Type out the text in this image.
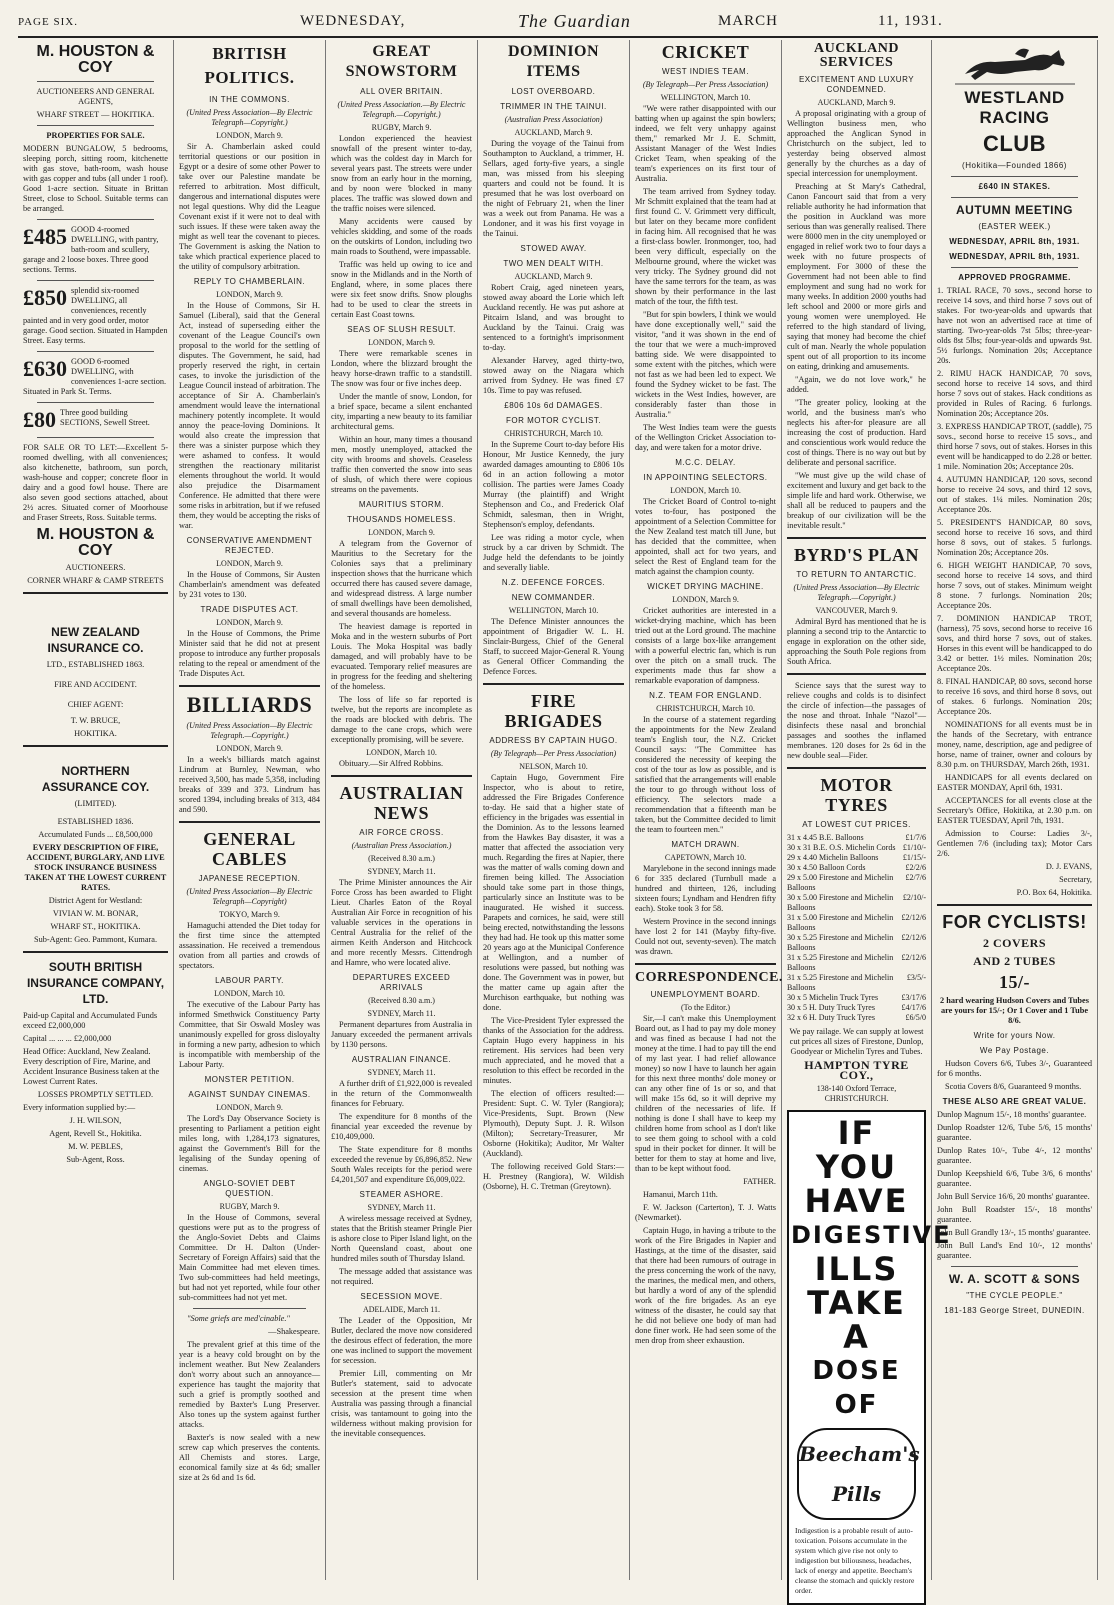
PAGE SIX.	WEDNESDAY,	The Guardian	MARCH	11, 1931.
M. HOUSTON & COY
AUCTIONEERS AND GENERAL AGENTS,
WHARF STREET — HOKITIKA.
PROPERTIES FOR SALE.
MODERN BUNGALOW, 5 bedrooms, sleeping porch, sitting room, kitchenette with gas stove, bath-room, wash house with gas copper and tubs (all under 1 roof). Good 1-acre section. Situate in Brittan Street, close to School. Suitable terms can be arranged.
£485 GOOD 4-roomed DWELLING, with pantry, bath-room and scullery, garage and 2 loose boxes. Three good sections. Terms.
£850 splendid six-roomed DWELLING, all conveniences, recently painted and in very good order, motor garage. Good section. Situated in Hampden Street. Easy terms.
£630 GOOD 6-roomed DWELLING, with conveniences 1-acre section. Situated in Park St. Terms.
£80 Three good building SECTIONS, Sewell Street.
FOR SALE OR TO LET:—Excellent 5-roomed dwelling, with all conveniences; also kitchenette, bathroom, sun porch, wash-house and copper; concrete floor in dairy and a good fowl house. There are also seven good sections attached, about 2½ acres. Situated corner of Moorhouse and Fraser Streets, Ross. Suitable terms.
M. HOUSTON & COY
AUCTIONEERS.
CORNER WHARF & CAMP STREETS
NEW ZEALAND INSURANCE CO.
LTD., ESTABLISHED 1863.
FIRE AND ACCIDENT.
CHIEF AGENT:
T. W. BRUCE,
HOKITIKA.
NORTHERN ASSURANCE COY.
(LIMITED).
ESTABLISHED 1836.
Accumulated Funds ... £8,500,000
EVERY DESCRIPTION OF FIRE, ACCIDENT, BURGLARY, AND LIVE STOCK INSURANCE BUSINESS TAKEN AT THE LOWEST CURRENT RATES.
District Agent for Westland:
VIVIAN W. M. BONAR,
WHARF ST., HOKITIKA.
Sub-Agent: Geo. Pammont, Kumara.
SOUTH BRITISH INSURANCE COMPANY, LTD.
Paid-up Capital and Accumulated Funds exceed £2,000,000
Capital ... ... ... £2,000,000
Head Office: Auckland, New Zealand. Every description of Fire, Marine, and Accident Insurance Business taken at the Lowest Current Rates.
LOSSES PROMPTLY SETTLED.
Every information supplied by:—
J. H. WILSON,
Agent, Revell St., Hokitika.
M. W. PEBLES,
Sub-Agent, Ross.
BRITISH POLITICS.
IN THE COMMONS.
(United Press Association—By Electric Telegraph—Copyright.)
LONDON, March 9.
Sir A. Chamberlain asked could territorial questions or our position in Egypt or a desire of some other Power to take over our Palestine mandate be referred to arbitration. Most difficult, dangerous and international disputes were not legal questions. Why did the League Covenant exist if it were not to deal with such issues. If these were taken away the might as well tear the covenant to pieces. The Government is asking the Nation to take which practical experience placed to the utility of compulsory arbitration.
REPLY TO CHAMBERLAIN.
LONDON, March 9.
In the House of Commons, Sir H. Samuel (Liberal), said that the General Act, instead of superseding either the covenant of the League Council's own proposal to the world for the settling of disputes. The Government, he said, had properly reserved the right, in certain cases, to invoke the jurisdiction of the League Council instead of arbitration. The acceptance of Sir A. Chamberlain's amendment would leave the international machinery potently incomplete. It would annoy the peace-loving Dominions. It would also create the impression that there was a sinister purpose which they were ashamed to confess. It would strengthen the reactionary militarist elements throughout the world. It would also prejudice the Disarmament Conference. He admitted that there were some risks in arbitration, but if we refused them, they would be accepting the risks of war.
CONSERVATIVE AMENDMENT REJECTED.
LONDON, March 9.
In the House of Commons, Sir Austen Chamberlain's amendment was defeated by 231 votes to 130.
TRADE DISPUTES ACT.
LONDON, March 9.
In the House of Commons, the Prime Minister said that he did not at present propose to introduce any further proposals relating to the repeal or amendment of the Trade Disputes Act.
BILLIARDS
(United Press Association—By Electric Telegraph.—Copyright.)
LONDON, March 9.
In a week's billiards match against Lindrum at Burnley, Newman, who received 3,500, has made 5,358, including breaks of 339 and 373. Lindrum has scored 1394, including breaks of 313, 484 and 590.
GENERAL CABLES
JAPANESE RECEPTION.
(United Press Association—By Electric Telegraph—Copyright)
TOKYO, March 9.
Hamaguchi attended the Diet today for the first time since the attempted assassination. He received a tremendous ovation from all parties and crowds of spectators.
LABOUR PARTY.
LONDON, March 10.
The executive of the Labour Party has informed Smethwick Constituency Party Committee, that Sir Oswald Mosley was unanimously expelled for gross disloyalty in forming a new party, adhesion to which is incompatible with membership of the Labour Party.
MONSTER PETITION.
AGAINST SUNDAY CINEMAS.
LONDON, March 9.
The Lord's Day Observance Society is presenting to Parliament a petition eight miles long, with 1,284,173 signatures, against the Government's Bill for the legalising of the Sunday opening of cinemas.
ANGLO-SOVIET DEBT QUESTION.
RUGBY, March 9.
In the House of Commons, several questions were put as to the progress of the Anglo-Soviet Debts and Claims Committee. Dr H. Dalton (Under-Secretary of Foreign Affairs) said that the Main Committee had met eleven times. Two sub-committees had held meetings, but had not yet reported, while four other sub-committees had not yet met.
"Some griefs are med'cinable."
—Shakespeare.
The prevalent grief at this time of the year is a heavy cold brought on by the inclement weather. But New Zealanders don't worry about such an annoyance—experience has taught the majority that such a grief is promptly soothed and remedied by Baxter's Lung Preserver. Also tones up the system against further attacks.
Baxter's is now sealed with a new screw cap which preserves the contents. All Chemists and stores. Large, economical family size at 4s 6d; smaller size at 2s 6d and 1s 6d.
GREAT SNOWSTORM
ALL OVER BRITAIN.
(United Press Association.—By Electric Telegraph.—Copyright.)
RUGBY, March 9.
London experienced the heaviest snowfall of the present winter to-day, which was the coldest day in March for several years past. The streets were under snow from an early hour in the morning, and by noon were 'blocked in many places. The traffic was slowed down and the traffic noises were silenced.
Many accidents were caused by vehicles skidding, and some of the roads on the outskirts of London, including two main roads to Southend, were impassable.
Traffic was held up owing to ice and snow in the Midlands and in the North of England, where, in some places there were six feet snow drifts. Snow ploughs had to be used to clear the streets in certain East Coast towns.
SEAS OF SLUSH RESULT.
LONDON, March 9.
There were remarkable scenes in London, where the blizzard brought the heavy horse-drawn traffic to a standstill. The snow was four or five inches deep.
Under the mantle of snow, London, for a brief space, became a silent enchanted city, imparting a new beauty to its familiar architectural gems.
Within an hour, many times a thousand men, mostly unemployed, attacked the city with brooms and shovels. Ceaseless traffic then converted the snow into seas of slush, of which there were copious streams on the pavements.
MAURITIUS STORM.
THOUSANDS HOMELESS.
LONDON, March 9.
A telegram from the Governor of Mauritius to the Secretary for the Colonies says that a preliminary inspection shows that the hurricane which occurred there has caused severe damage, and widespread distress. A large number of small dwellings have been demolished, and several thousands are homeless.
The heaviest damage is reported in Moka and in the western suburbs of Port Louis. The Moka Hospital was badly damaged, and will probably have to be evacuated. Temporary relief measures are in progress for the feeding and sheltering of the homeless.
The loss of life so far reported is twelve, but the reports are incomplete as the roads are blocked with debris. The damage to the cane crops, which were exceptionally promising, will be severe.
LONDON, March 10.
Obituary.—Sir Alfred Robbins.
AUSTRALIAN NEWS
AIR FORCE CROSS.
(Australian Press Association.)
(Received 8.30 a.m.)
SYDNEY, March 11.
The Prime Minister announces the Air Force Cross has been awarded to Flight Lieut. Charles Eaton of the Royal Australian Air Force in recognition of his valuable services in the operations in Central Australia for the relief of the airmen Keith Anderson and Hitchcock and more recently Messrs. Cittendrogh and Hamre, who were located alive.
DEPARTURES EXCEED ARRIVALS
(Received 8.30 a.m.)
SYDNEY, March 11.
Permanent departures from Australia in January exceeded the permanent arrivals by 1130 persons.
AUSTRALIAN FINANCE.
SYDNEY, March 11.
A further drift of £1,922,000 is revealed in the return of the Commonwealth finances for February.
The expenditure for 8 months of the financial year exceeded the revenue by £10,409,000.
The State expenditure for 8 months exceeded the revenue by £6,896,852. New South Wales receipts for the period were £4,201,507 and expenditure £6,009,022.
STEAMER ASHORE.
SYDNEY, March 11.
A wireless message received at Sydney, states that the British steamer Pringle Pier is ashore close to Piper Island light, on the North Queensland coast, about one hundred miles south of Thursday Island.
The message added that assistance was not required.
SECESSION MOVE.
ADELAIDE, March 11.
The Leader of the Opposition, Mr Butler, declared the move now considered the desirous effect of federation, the more one was inclined to support the movement for secession.
Premier Lill, commenting on Mr Butler's statement, said to advocate secession at the present time when Australia was passing through a financial crisis, was tantamount to going into the wilderness without making provision for the inevitable consequences.
DOMINION ITEMS
LOST OVERBOARD.
TRIMMER IN THE TAINUI.
(Australian Press Association)
AUCKLAND, March 9.
During the voyage of the Tainui from Southampton to Auckland, a trimmer, H. Sellars, aged forty-five years, a single man, was missed from his sleeping quarters and could not be found. It is presumed that he was lost overboard on the night of February 21, when the liner was a week out from Panama. He was a Londoner, and it was his first voyage in the Tainui.
STOWED AWAY.
TWO MEN DEALT WITH.
AUCKLAND, March 9.
Robert Craig, aged nineteen years, stowed away aboard the Lorie which left Auckland recently. He was put ashore at Pitcairn Island, and was brought to Auckland by the Tainui. Craig was sentenced to a fortnight's imprisonment to-day.
Alexander Harvey, aged thirty-two, stowed away on the Niagara which arrived from Sydney. He was fined £7 10s. Time to pay was refused.
£806 10s 6d DAMAGES.
FOR MOTOR CYCLIST.
CHRISTCHURCH, March 10.
In the Supreme Court to-day before His Honour, Mr Justice Kennedy, the jury awarded damages amounting to £806 10s 6d in an action following a motor collision. The parties were James Coady Murray (the plaintiff) and Wright Stephenson and Co., and Frederick Olaf Schmidt, salesman, then in Wright, Stephenson's employ, defendants.
Lee was riding a motor cycle, when struck by a car driven by Schmidt. The Judge held the defendants to be jointly and severally liable.
N.Z. DEFENCE FORCES.
NEW COMMANDER.
WELLINGTON, March 10.
The Defence Minister announces the appointment of Brigadier W. L. H. Sinclair-Burgess, Chief of the General Staff, to succeed Major-General R. Young as General Officer Commanding the Defence Forces.
FIRE BRIGADES
ADDRESS BY CAPTAIN HUGO.
(By Telegraph—Per Press Association)
NELSON, March 10.
Captain Hugo, Government Fire Inspector, who is about to retire, addressed the Fire Brigades Conference to-day. He said that a higher state of efficiency in the brigades was essential in the Dominion. As to the lessons learned from the Hawkes Bay disaster, it was a matter that affected the association very much. Regarding the fires at Napier, there was the matter of walls coming down and firemen being killed. The Association should take some part in those things, particularly since an Institute was to be inaugurated. He wished it success. Parapets and cornices, he said, were still being erected, notwithstanding the lessons they had had. He took up this matter some 20 years ago at the Municipal Conference at Wellington, and a number of resolutions were passed, but nothing was done. The Government was in power, but the matter came up again after the Murchison earthquake, but nothing was done.
The Vice-President Tyler expressed the thanks of the Association for the address. Captain Hugo every happiness in his retirement. His services had been very much appreciated, and he moved that a resolution to this effect be recorded in the minutes.
The election of officers resulted:— President: Supt. C. W. Tyler (Rangiora); Vice-Presidents, Supt. Brown (New Plymouth), Deputy Supt. J. R. Wilson (Milton); Secretary-Treasurer, Mr Osborne (Hokitika); Auditor, Mr Walter (Auckland).
The following received Gold Stars:— H. Prestney (Rangiora), W. Wildish (Osborne), H. C. Tretman (Greytown).
CRICKET
WEST INDIES TEAM.
(By Telegraph—Per Press Association)
WELLINGTON, March 10.
"We were rather disappointed with our batting when up against the spin bowlers; indeed, we felt very unhappy against them," remarked Mr J. E. Schmitt, Assistant Manager of the West Indies Cricket Team, when speaking of the team's experiences on its first tour of Australia.
The team arrived from Sydney today. Mr Schmitt explained that the team had at first found C. V. Grimmett very difficult, but later on they became more confident in facing him. All recognised that he was a first-class bowler. Ironmonger, too, had been very difficult, especially on the Melbourne ground, where the wicket was very tricky. The Sydney ground did not have the same terrors for the team, as was shown by their performance in the last match of the tour, the fifth test.
"But for spin bowlers, I think we would have done exceptionally well," said the visitor, "and it was shown in the end of the tour that we were a much-improved batting side. We were disappointed to some extent with the pitches, which were not fast as we had been led to expect. We found the Sydney wicket to be fast. The wickets in the West Indies, however, are considerably faster than those in Australia."
The West Indies team were the guests of the Wellington Cricket Association to-day, and were taken for a motor drive.
M.C.C. DELAY.
IN APPOINTING SELECTORS.
LONDON, March 10.
The Cricket Board of Control to-night votes to-four, has postponed the appointment of a Selection Committee for the New Zealand test match till June, but has decided that the committee, when appointed, shall act for two years, and select the Rest of England team for the match against the champion county.
WICKET DRYING MACHINE.
LONDON, March 9.
Cricket authorities are interested in a wicket-drying machine, which has been tried out at the Lord ground. The machine consists of a large box-like arrangement with a powerful electric fan, which is run over the pitch on a small truck. The experiments made thus far show a remarkable evaporation of dampness.
N.Z. TEAM FOR ENGLAND.
CHRISTCHURCH, March 10.
In the course of a statement regarding the appointments for the New Zealand team's English tour, the N.Z. Cricket Council says: "The Committee has considered the necessity of keeping the cost of the tour as low as possible, and is satisfied that the arrangements will enable the tour to go through without loss of efficiency. The selectors made a recommendation that a fifteenth man be taken, but the Committee decided to limit the team to fourteen men."
MATCH DRAWN.
CAPETOWN, March 10.
Marylebone in the second innings made 6 for 335 declared (Turnbull made a hundred and thirteen, 126, including sixteen fours; Lyndham and Hendren fifty each). Stoke took 3 for 58.
Western Province in the second innings have lost 2 for 141 (Mayby fifty-five. Could not out, seventy-seven). The match was drawn.
CORRESPONDENCE.
UNEMPLOYMENT BOARD.
(To the Editor.)
Sir,—I can't make this Unemployment Board out, as I had to pay my dole money and was fined as because I had not the money at the time. I had to pay till the end of my last year. I had relief allowance money) so now I have to launch her again for this next three months' dole money or can any other fine of 1s or so, and that will make 15s 6d, so it will deprive my children of the necessaries of life. If nothing is done I shall have to keep my children home from school as I don't like to see them going to school with a cold spud in their pocket for dinner. It will be better for them to stay at home and live, than to be kept without food.
FATHER.
Hamanui, March 11th.
F. W. Jackson (Carterton), T. J. Watts (Newmarket).
Captain Hugo, in having a tribute to the work of the Fire Brigades in Napier and Hastings, at the time of the disaster, said that there had been rumours of outrage in the press concerning the work of the navy, the marines, the medical men, and others, but hardly a word of any of the splendid work of the fire brigades. As an eye witness of the disaster, he could say that he did not believe one body of man had done finer work. He had seen some of the men drop from sheer exhaustion.
AUCKLAND SERVICES
EXCITEMENT AND LUXURY CONDEMNED.
AUCKLAND, March 9.
A proposal originating with a group of Wellington business men, who approached the Anglican Synod in Christchurch on the subject, led to yesterday being observed almost generally by the churches as a day of special intercession for unemployment.
Preaching at St Mary's Cathedral, Canon Fancourt said that from a very reliable authority he had information that the position in Auckland was more serious than was generally realised. There were 8000 men in the city unemployed or engaged in relief work two to four days a week with no future prospects of employment. For 3000 of these the Government had not been able to find employment and sung had no work for many weeks. In addition 2000 youths had left school and 2000 or more girls and young women were unemployed. He referred to the high standard of living, saying that money had become the chief cult of man. Nearly the whole population spent out of all proportion to its income on eating, drinking and amusements.
"Again, we do not love work," he added.
"The greater policy, looking at the world, and the business man's who neglects his after-for pleasure are all increasing the cost of production. Hard and conscientious work would reduce the cost of things. There is no way out but by deliberate and personal sacrifice.
"We must give up the wild chase of excitement and luxury and get back to the simple life and hard work. Otherwise, we shall all be reduced to paupers and the breakup of our civilization will be the inevitable result."
BYRD'S PLAN
TO RETURN TO ANTARCTIC.
(United Press Association—By Electric Telegraph.—Copyright.)
VANCOUVER, March 9.
Admiral Byrd has mentioned that he is planning a second trip to the Antarctic to engage in exploration on the other side, approaching the South Pole regions from South Africa.
Science says that the surest way to relieve coughs and colds is to disinfect the circle of infection—the passages of the nose and throat. Inhale "Nazol"—disinfects these nasal and bronchial passages and soothes the inflamed membranes. 120 doses for 2s 6d in the new double seal—Fider.
MOTOR TYRES
AT LOWEST CUT PRICES.
31 x 4.45 B.E. Balloons	£1/7/6
30 x 31 B.E. O.S. Michelin Cords £1/10/-
29 x 4.40 Michelin Balloons	£1/15/-
30 x 4.50 Balloon Cords	£2/2/6
29 x 5.00 Firestone and Michelin Balloons
£2/7/6
30 x 5.00 Firestone and Michelin Balloons
£2/10/-
31 x 5.00 Firestone and Michelin Balloons
£2/12/6
30 x 5.25 Firestone and Michelin Balloons
£2/12/6
31 x 5.25 Firestone and Michelin Balloons
£2/12/6
31 x 5.25 Firestone and Michelin Balloons
£3/5/-
30 x 5 Michelin Truck Tyres	£3/17/6
30 x 5 H. Duty Truck Tyres	£4/17/6
32 x 6 H. Duty Truck Tyres	£6/5/0
We pay railage. We can supply at lowest cut prices all sizes of Firestone, Dunlop, Goodyear or Michelin Tyres and Tubes.
HAMPTON TYRE COY.,
138-140 Oxford Terrace, CHRISTCHURCH.
IF YOU
HAVE
DIGESTIVE
ILLS
TAKE A
DOSE OF
Beecham's Pills
Indigestion is a probable result of auto-toxication. Poisons accumulate in the system which give rise not only to indigestion but biliousness, headaches, lack of energy and appetite. Beecham's cleanse the stomach and quickly restore order.
WESTLAND RACING
CLUB
(Hokitika—Founded 1866)
£640 IN STAKES.
AUTUMN MEETING
(EASTER WEEK.)
WEDNESDAY, APRIL 8th, 1931.
WEDNESDAY, APRIL 8th, 1931.
APPROVED PROGRAMME.
1. TRIAL RACE, 70 sovs., second horse to receive 14 sovs, and third horse 7 sovs out of stakes. For two-year-olds and upwards that have not won an advertised race at time of starting. Two-year-olds 7st 5lbs; three-year-olds 8st 5lbs; four-year-olds and upwards 9st. 5½ furlongs. Nomination 20s; Acceptance 20s.
2. RIMU HACK HANDICAP, 70 sovs, second horse to receive 14 sovs, and third horse 7 sovs out of stakes. Hack conditions as provided in Rules of Racing. 6 furlongs. Nomination 20s; Acceptance 20s.
3. EXPRESS HANDICAP TROT, (saddle), 75 sovs., second horse to receive 15 sovs., and third horse 7 sovs, out of stakes. Horses in this event will be handicapped to do 2.28 or better. 1 mile. Nomination 20s; Acceptance 20s.
4. AUTUMN HANDICAP, 120 sovs, second horse to receive 24 sovs, and third 12 sovs, out of stakes. 1¼ miles. Nomination 20s; Acceptance 20s.
5. PRESIDENT'S HANDICAP, 80 sovs, second horse to receive 16 sovs, and third horse 8 sovs, out of stakes. 5 furlongs. Nomination 20s; Acceptance 20s.
6. HIGH WEIGHT HANDICAP, 70 sovs, second horse to receive 14 sovs, and third horse 7 sovs, out of stakes. Minimum weight 8 stone. 7 furlongs. Nomination 20s; Acceptance 20s.
7. DOMINION HANDICAP TROT, (harness), 75 sovs, second horse to receive 16 sovs, and third horse 7 sovs, out of stakes. Horses in this event will be handicapped to do 3.42 or better. 1½ miles. Nomination 20s; Acceptance 20s.
8. FINAL HANDICAP, 80 sovs, second horse to receive 16 sovs, and third horse 8 sovs, out of stakes. 6 furlongs. Nomination 20s; Acceptance 20s.
NOMINATIONS for all events must be in the hands of the Secretary, with entrance money, name, description, age and pedigree of horse, name of trainer, owner and colours by 8.30 p.m. on THURSDAY, March 26th, 1931.
HANDICAPS for all events declared on EASTER MONDAY, April 6th, 1931.
ACCEPTANCES for all events close at the Secretary's Office, Hokitika, at 2.30 p.m. on EASTER TUESDAY, April 7th, 1931.
Admission to Course: Ladies 3/-, Gentlemen 7/6 (including tax); Motor Cars 2/6.
D. J. EVANS,
Secretary,
P.O. Box 64, Hokitika.
FOR CYCLISTS!
2 COVERS
AND 2 TUBES
15/-
2 hard wearing Hudson Covers and Tubes are yours for 15/-; Or 1 Cover and 1 Tube 8/6.
Write for yours Now.
We Pay Postage.
Hudson Covers 6/6, Tubes 3/-, Guaranteed for 6 months.
Scotia Covers 8/6, Guaranteed 9 months.
THESE ALSO ARE GREAT VALUE.
Dunlop Magnum 15/-, 18 months' guarantee.
Dunlop Roadster 12/6, Tube 5/6, 15 months' guarantee.
Dunlop Rates 10/-, Tube 4/-, 12 months' guarantee.
Dunlop Keepshield 6/6, Tube 3/6, 6 months' guarantee.
John Bull Service 16/6, 20 months' guarantee.
John Bull Roadster 15/-, 18 months' guarantee.
John Bull Grandly 13/-, 15 months' guarantee.
John Bull Land's End 10/-, 12 months' guarantee.
W. A. SCOTT & SONS
"THE CYCLE PEOPLE."
181-183 George Street, DUNEDIN.
